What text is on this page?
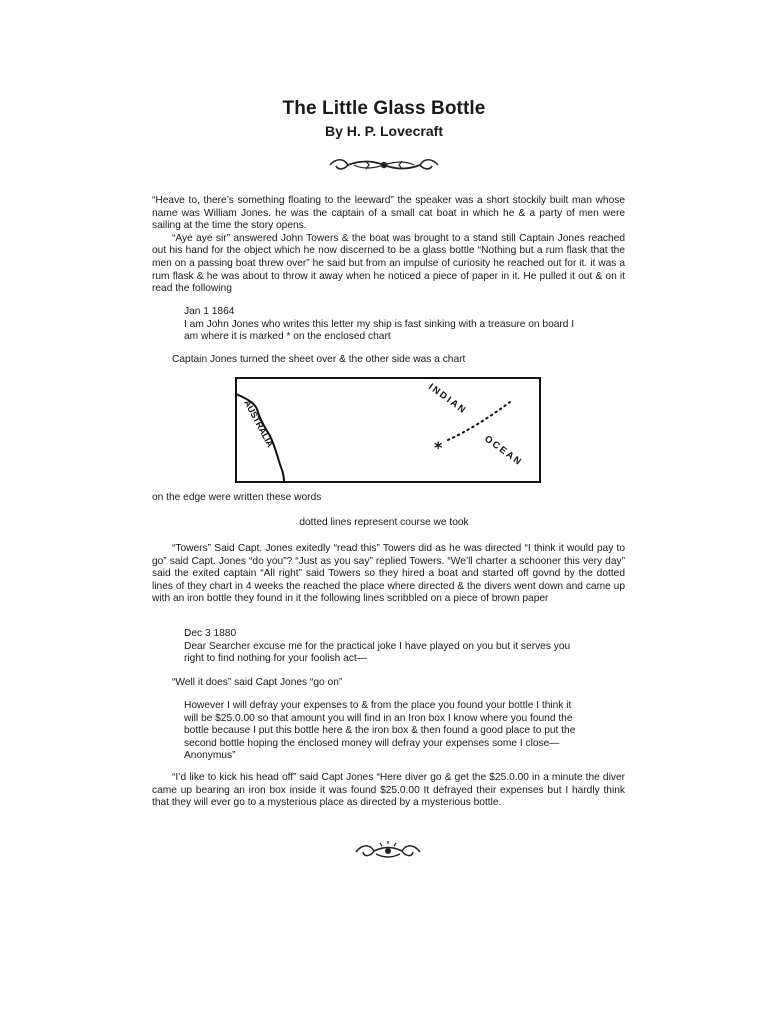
The Little Glass Bottle
By H. P. Lovecraft

“Heave to, there’s something floating to the leeward” the speaker was a short stockily built man whose name was William Jones. he was the captain of a small cat boat in which he & a party of men were sailing at the time the story opens.

“Aye aye sir” answered John Towers & the boat was brought to a stand still Captain Jones reached out his hand for the object which he now discerned to be a glass bottle “Nothing but a rum flask that the men on a passing boat threw over” he said but from an impulse of curiosity he reached out for it. it was a rum flask & he was about to throw it away when he noticed a piece of paper in it. He pulled it out & on it read the following

Jan 1 1864
I am John Jones who writes this letter my ship is fast sinking with a treasure on board I
am where it is marked * on the enclosed chart
Captain Jones turned the sheet over & the other side was a chart
AUSTRALIA	INDIAN
OCEAN
*
on the edge were written these words
dotted lines represent course we took

“Towers” Said Capt. Jones exitedly “read this” Towers did as he was directed “I think it would pay to go” said Capt. Jones “do you”? “Just as you say” replied Towers. “We’ll charter a schooner this very day” said the exited captain “All right” said Towers so they hired a boat and started off govnd by the dotted lines of they chart in 4 weeks the reached the place where directed & the divers went down and came up with an iron bottle they found in it the following lines scribbled on a piece of brown paper

Dec 3 1880
Dear Searcher excuse me for the practical joke I have played on you but it serves you
right to find nothing for your foolish act—
“Well it does” said Capt Jones “go on”
However I will defray your expenses to & from the place you found your bottle I think it
will be $25.0.00 so that amount you will find in an Iron box I know where you found the
bottle because I put this bottle here & the iron box & then found a good place to put the
second bottle hoping the enclosed money will defray your expenses some I close—
Anonymus”

“I’d like to kick his head off” said Capt Jones “Here diver go & get the $25.0.00 in a minute the diver came up bearing an iron box inside it was found $25.0.00 It defrayed their expenses but I hardly think that they will ever go to a mysterious place as directed by a mysterious bottle.
